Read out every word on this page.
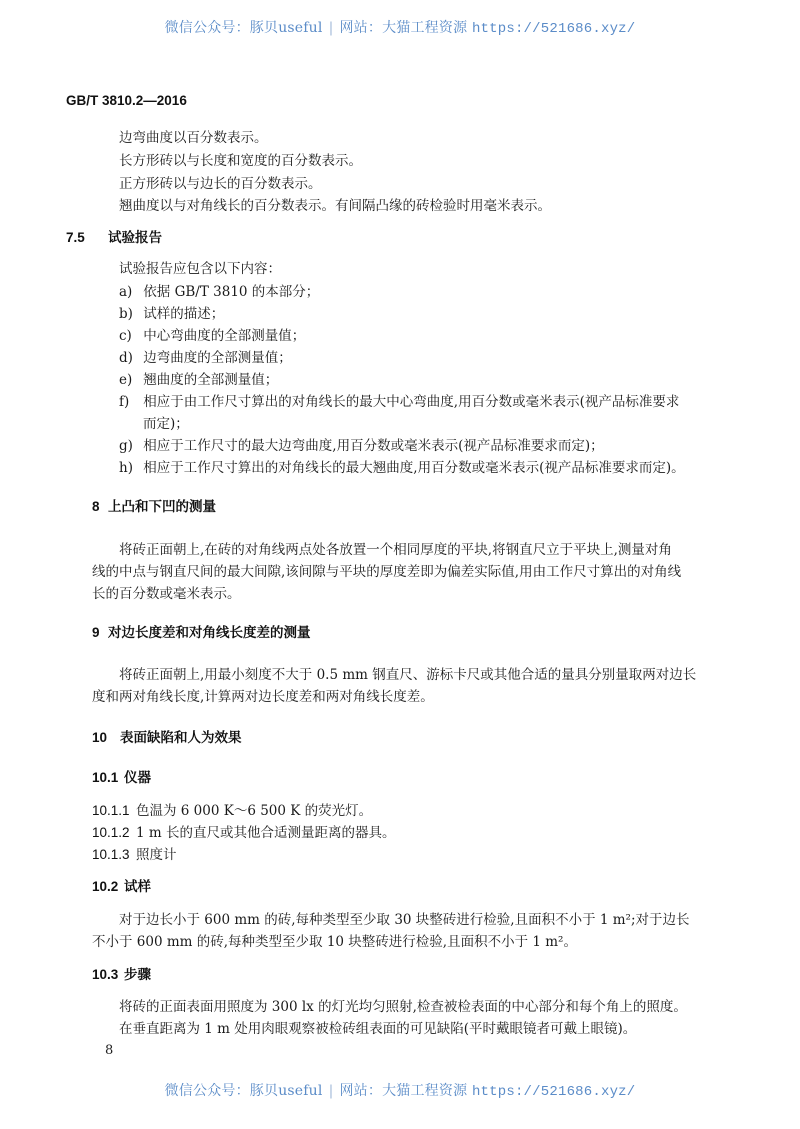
微信公众号：豚贝useful | 网站：大猫工程资源 https://521686.xyz/
GB/T 3810.2—2016
边弯曲度以百分数表示。
长方形砖以与长度和宽度的百分数表示。
正方形砖以与边长的百分数表示。
翘曲度以与对角线长的百分数表示。有间隔凸缘的砖检验时用毫米表示。
7.5 试验报告
试验报告应包含以下内容：
a) 依据 GB/T 3810 的本部分；
b) 试样的描述；
c) 中心弯曲度的全部测量值；
d) 边弯曲度的全部测量值；
e) 翘曲度的全部测量值；
f) 相应于由工作尺寸算出的对角线长的最大中心弯曲度,用百分数或毫米表示(视产品标准要求
而定)；
g) 相应于工作尺寸的最大边弯曲度,用百分数或毫米表示(视产品标准要求而定)；
h) 相应于工作尺寸算出的对角线长的最大翘曲度,用百分数或毫米表示(视产品标准要求而定)。
8 上凸和下凹的测量
将砖正面朝上,在砖的对角线两点处各放置一个相同厚度的平块,将钢直尺立于平块上,测量对角
线的中点与钢直尺间的最大间隙,该间隙与平块的厚度差即为偏差实际值,用由工作尺寸算出的对角线
长的百分数或毫米表示。
9 对边长度差和对角线长度差的测量
将砖正面朝上,用最小刻度不大于 0.5 mm 钢直尺、游标卡尺或其他合适的量具分别量取两对边长
度和两对角线长度,计算两对边长度差和两对角线长度差。
10 表面缺陷和人为效果
10.1 仪器
10.1.1 色温为 6 000 K～6 500 K 的荧光灯。
10.1.2 1 m 长的直尺或其他合适测量距离的器具。
10.1.3 照度计
10.2 试样
对于边长小于 600 mm 的砖,每种类型至少取 30 块整砖进行检验,且面积不小于 1 m²;对于边长
不小于 600 mm 的砖,每种类型至少取 10 块整砖进行检验,且面积不小于 1 m²。
10.3 步骤
将砖的正面表面用照度为 300 lx 的灯光均匀照射,检查被检表面的中心部分和每个角上的照度。
在垂直距离为 1 m 处用肉眼观察被检砖组表面的可见缺陷(平时戴眼镜者可戴上眼镜)。
8
微信公众号：豚贝useful | 网站：大猫工程资源 https://521686.xyz/
